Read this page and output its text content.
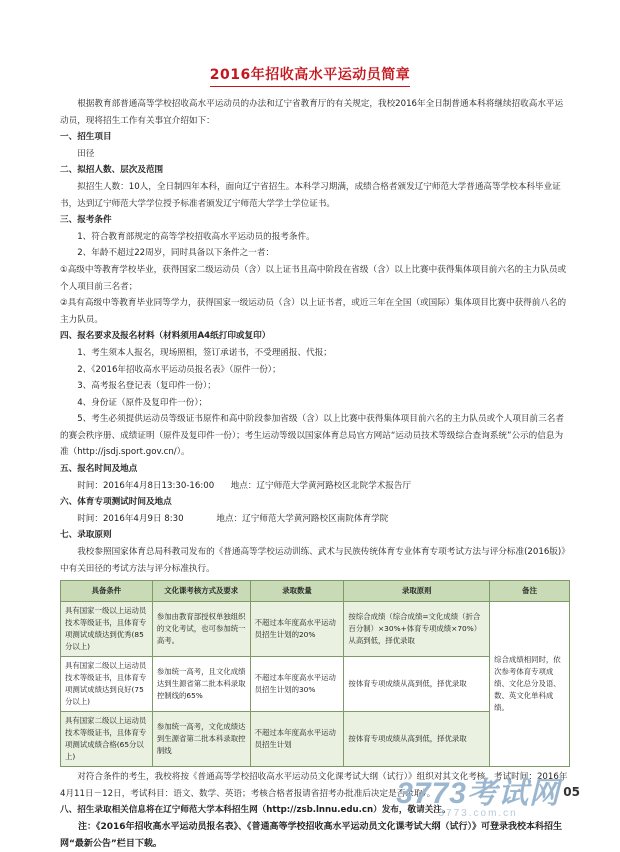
2016年招收高水平运动员简章

根据教育部普通高等学校招收高水平运动员的办法和辽宁省教育厅的有关规定，我校2016年全日制普通本科将继续招收高水平运动员，现将招生工作有关事宜介绍如下：

一、招生项目

田径

二、拟招人数、层次及范围

拟招生人数：10人，全日制四年本科，面向辽宁省招生。本科学习期满，成绩合格者颁发辽宁师范大学普通高等学校本科毕业证书，达到辽宁师范大学学位授予标准者颁发辽宁师范大学学士学位证书。

三、报考条件

1、符合教育部规定的高等学校招收高水平运动员的报考条件。

2、年龄不超过22周岁，同时具备以下条件之一者：

①高级中等教育学校毕业，获得国家二级运动员（含）以上证书且高中阶段在省级（含）以上比赛中获得集体项目前六名的主力队员或个人项目前三名者；

②具有高级中等教育毕业同等学力，获得国家一级运动员（含）以上证书者，或近三年在全国（或国际）集体项目比赛中获得前八名的主力队员。

四、报名要求及报名材料（材料须用A4纸打印或复印）

1、考生须本人报名，现场照相，签订承诺书，不受理函报、代报；

2、《2016年招收高水平运动员报名表》（原件一份）；

3、高考报名登记表（复印件一份）；

4、身份证（原件及复印件一份）；

5、考生必须提供运动员等级证书原件和高中阶段参加省级（含）以上比赛中获得集体项目前六名的主力队员或个人项目前三名者的赛会秩序册、成绩证明（原件及复印件一份）；考生运动等级以国家体育总局官方网站“运动员技术等级综合查询系统”公示的信息为准（http://jsdj.sport.gov.cn/）。

五、报名时间及地点

时间：2016年4月8日13:30-16:00 地点：辽宁师范大学黄河路校区北院学术报告厅

六、体育专项测试时间及地点

时间：2016年4月9日 8:30	地点：辽宁师范大学黄河路校区南院体育学院

七、录取原则

我校参照国家体育总局科教司发布的《普通高等学校运动训练、武术与民族传统体育专业体育专项考试方法与评分标准(2016版)》中有关田径的考试方法与评分标准执行。

具备条件	文化课考核方式及要求	录取数量	录取原则	备注
具有国家一级以上运动员技术等级证书，且体育专项测试成绩达到优秀(85分以上)	参加由教育部授权单独组织的文化考试，也可参加统一高考。	不超过本年度高水平运动员招生计划的20%	按综合成绩（综合成绩=文化成绩（折合百分制）×30%+体育专项成绩×70%）从高到低，择优录取	综合成绩相同时，依次参考体育专项成绩、文化总分及语、数、英文化单科成绩。
具有国家二级以上运动员技术等级证书，且体育专项测试成绩达到良好(75分以上)	参加统一高考，且文化成绩达到生源省第二批本科录取控制线的65%	不超过本年度高水平运动员招生计划的30%	按体育专项成绩从高到低，择优录取	
具有国家二级以上运动员技术等级证书，且体育专项测试成绩合格(65分以上)	参加统一高考，文化成绩达到生源省第二批本科录取控制线	不超过本年度高水平运动员招生计划	按体育专项成绩从高到低，择优录取	

对符合条件的考生，我校将按《普通高等学校招收高水平运动员文化课考试大纲（试行）》组织对其文化考核，考试时间：2016年4月11日－12日，考试科目：语文、数学、英语；考核合格者报请省招考办批准后决定是否录取）。

八、招生录取相关信息将在辽宁师范大学本科招生网（http://zsb.lnnu.edu.cn）发布，敬请关注。

注：《2016年招收高水平运动员报名表》、《普通高等学校招收高水平运动员文化课考试大纲（试行）》可登录我校本科招生网“最新公告”栏目下载。

05
3773考试网
3773.com.cn
